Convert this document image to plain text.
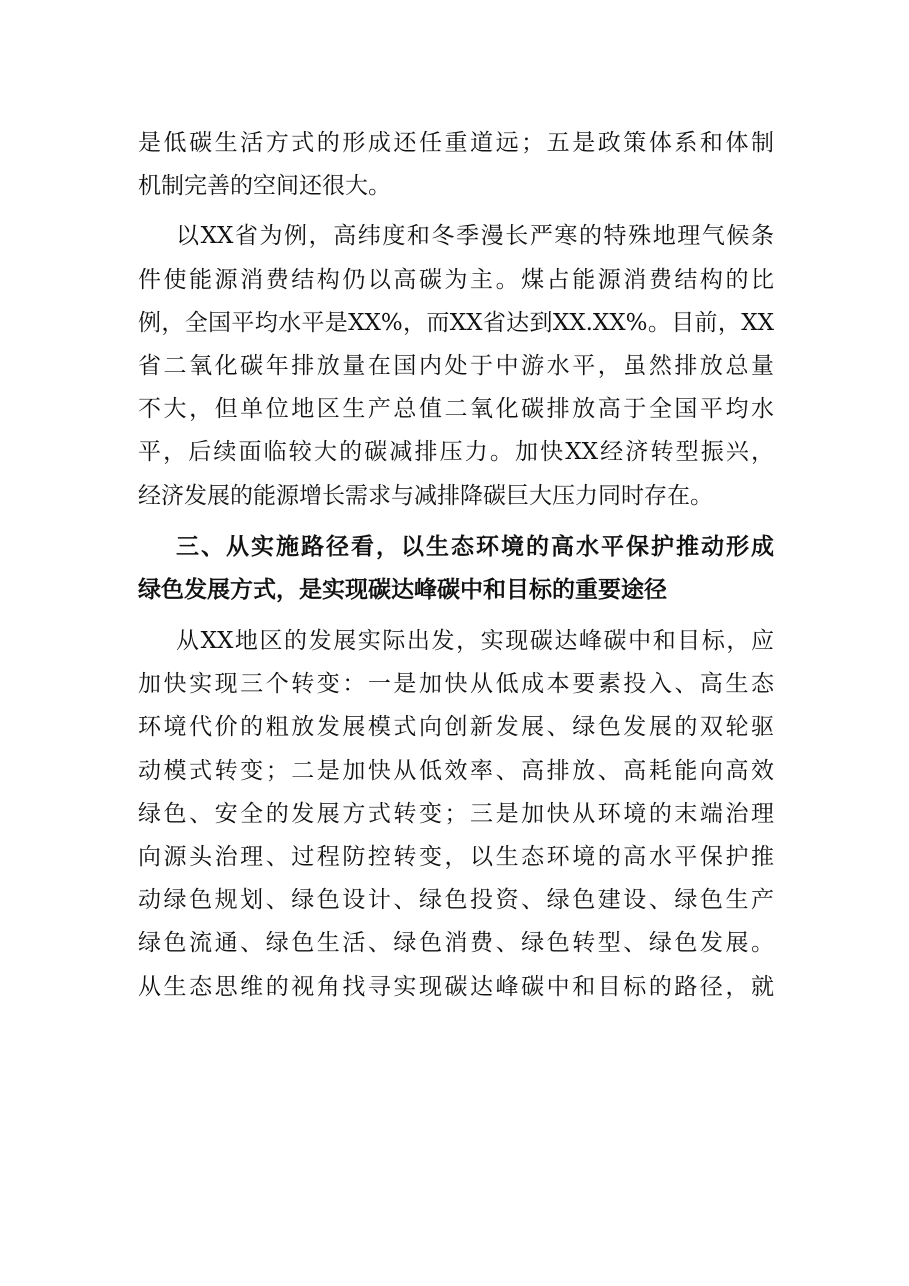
是低碳生活方式的形成还任重道远；五是政策体系和体制
机制完善的空间还很大。
以XX省为例，高纬度和冬季漫长严寒的特殊地理气候条
件使能源消费结构仍以高碳为主。煤占能源消费结构的比
例，全国平均水平是XX%，而XX省达到XX.XX%。目前，XX
省二氧化碳年排放量在国内处于中游水平，虽然排放总量
不大，但单位地区生产总值二氧化碳排放高于全国平均水
平，后续面临较大的碳减排压力。加快XX经济转型振兴，
经济发展的能源增长需求与减排降碳巨大压力同时存在。
三、从实施路径看，以生态环境的高水平保护推动形成
绿色发展方式，是实现碳达峰碳中和目标的重要途径
从XX地区的发展实际出发，实现碳达峰碳中和目标，应
加快实现三个转变：一是加快从低成本要素投入、高生态
环境代价的粗放发展模式向创新发展、绿色发展的双轮驱
动模式转变；二是加快从低效率、高排放、高耗能向高效
绿色、安全的发展方式转变；三是加快从环境的末端治理
向源头治理、过程防控转变，以生态环境的高水平保护推
动绿色规划、绿色设计、绿色投资、绿色建设、绿色生产
绿色流通、绿色生活、绿色消费、绿色转型、绿色发展。
从生态思维的视角找寻实现碳达峰碳中和目标的路径，就
